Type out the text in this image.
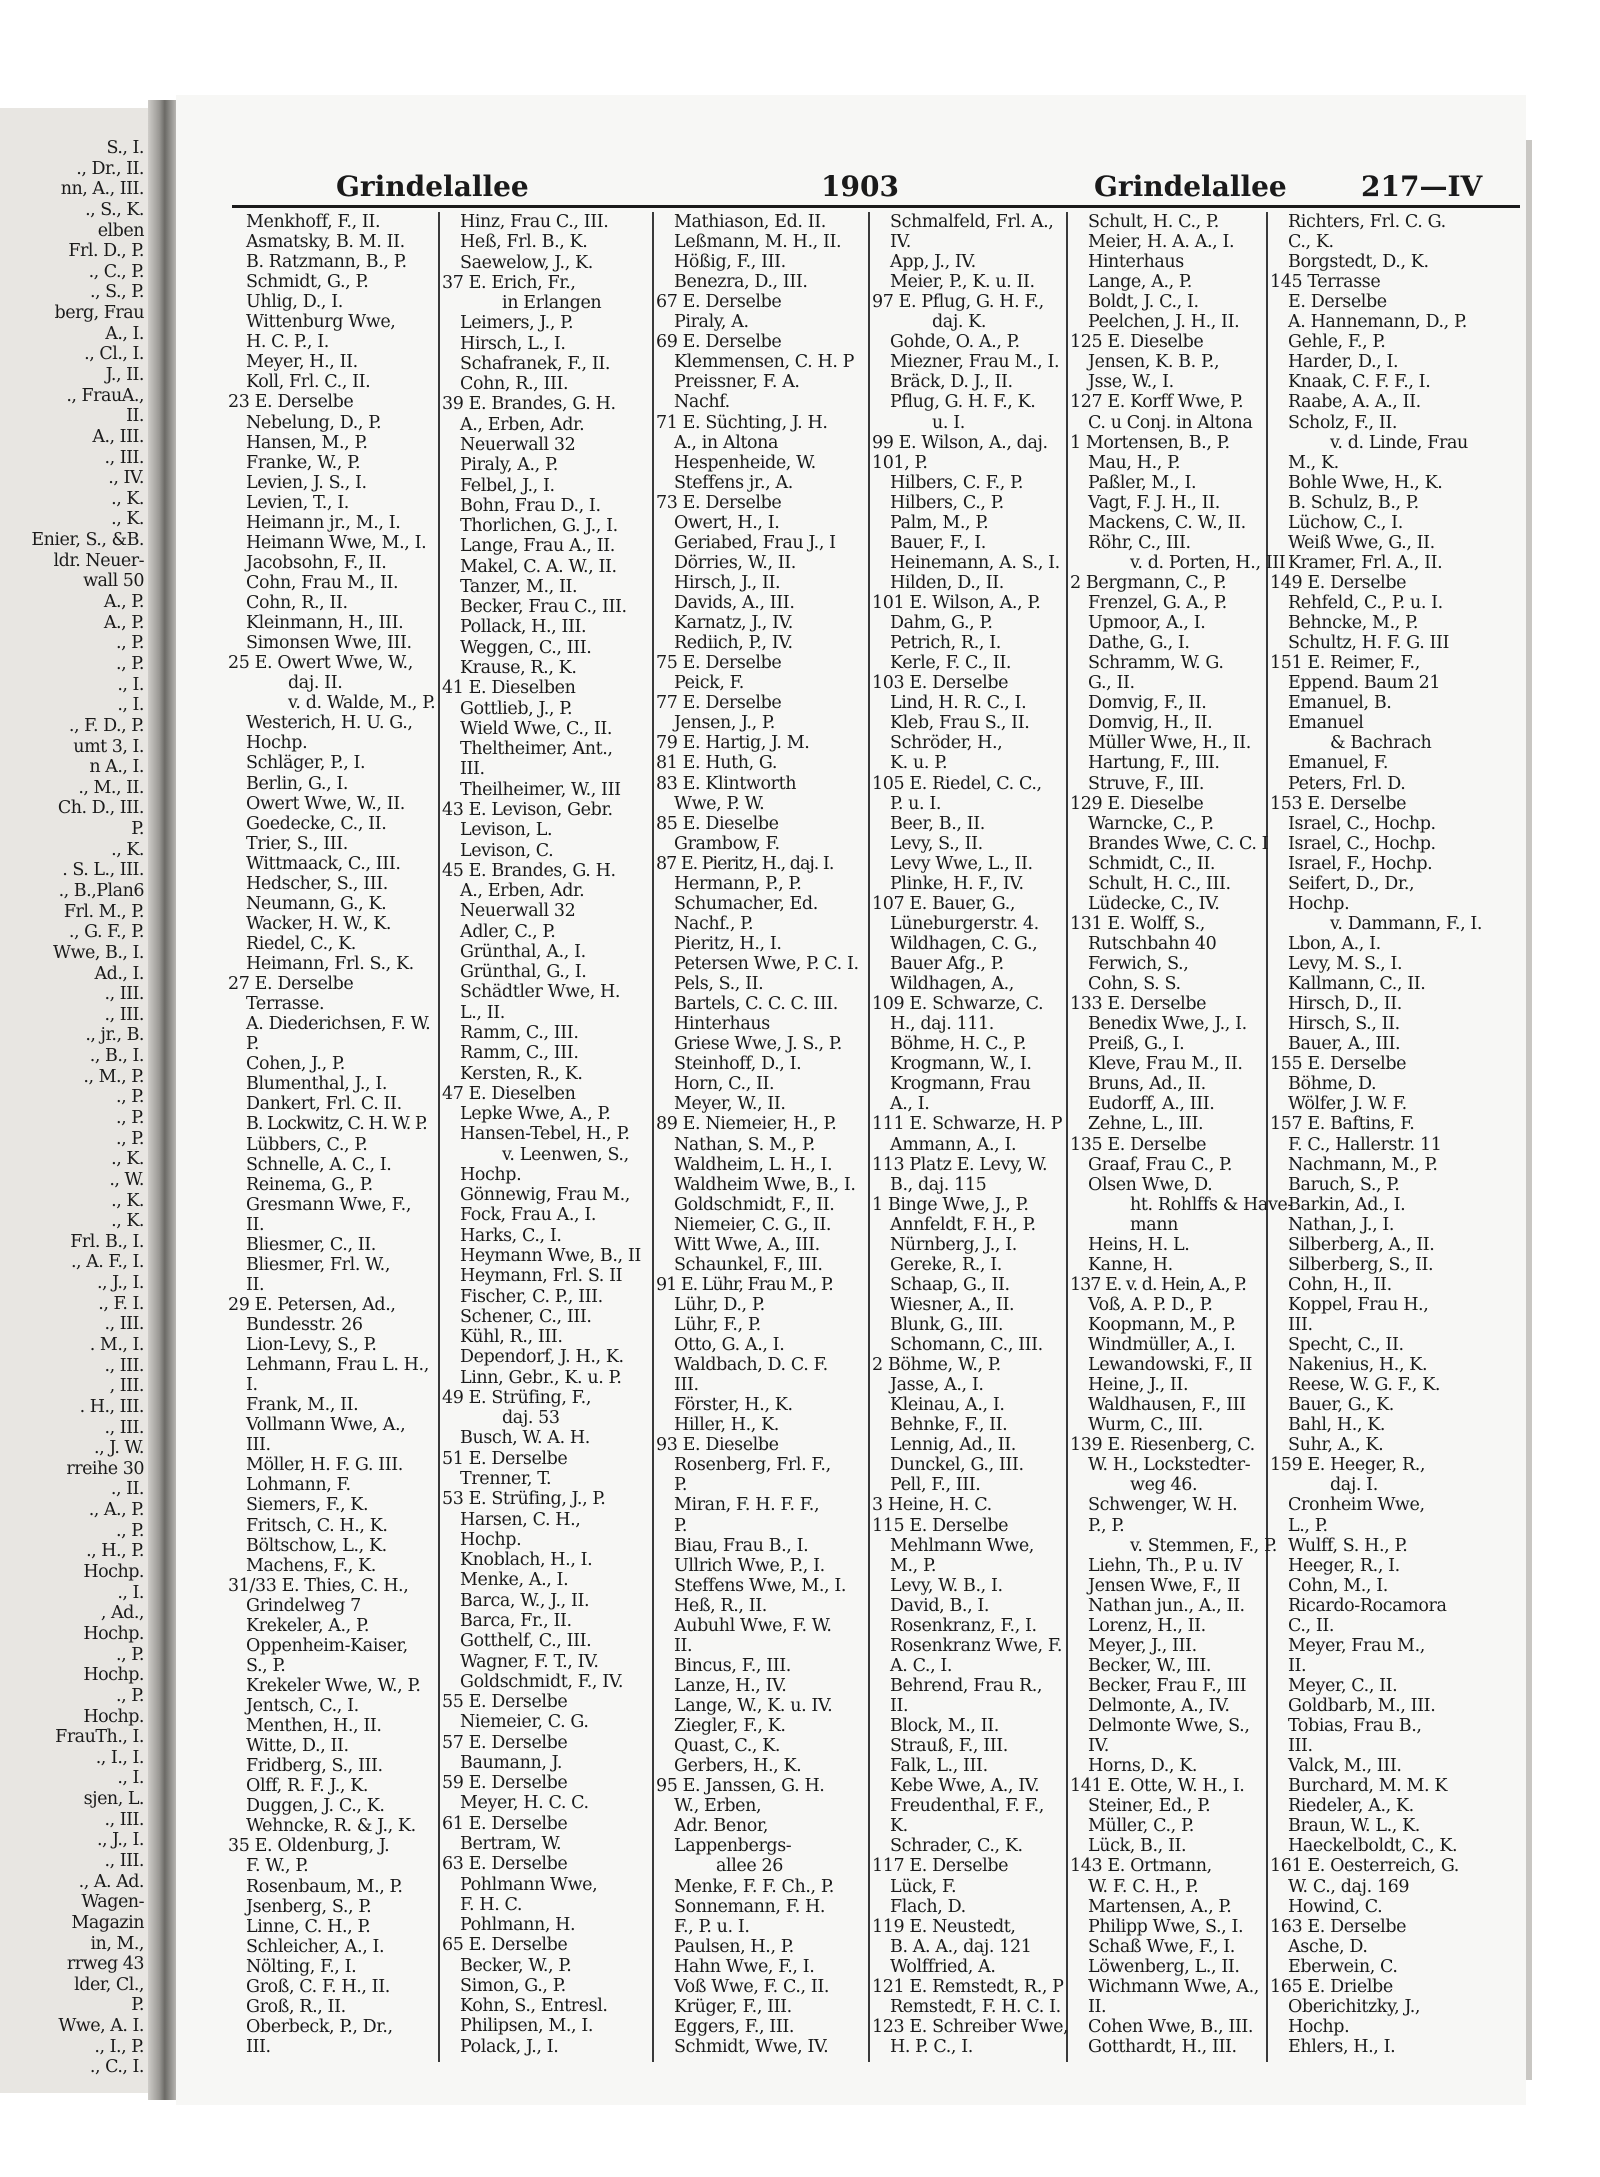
S., I.
., Dr., II.
nn, A., III.
., S., K.
elben
Frl. D., P.
., C., P.
., S., P.
berg, Frau
A., I.
., Cl., I.
J., II.
., FrauA.,
II.
A., III.
., III.
., IV.
., K.
., K.
Enier, S., &B.
ldr. Neuer-
wall 50
A., P.
A., P.
., P.
., P.
., I.
., I.
., F. D., P.
umt 3, I.
n A., I.
., M., II.
Ch. D., III.
P.
., K.
. S. L., III.
., B.,Plan6
Frl. M., P.
., G. F., P.
Wwe, B., I.
Ad., I.
., III.
., III.
., jr., B.
., B., I.
., M., P.
., P.
., P.
., P.
., K.
., W.
., K.
., K.
Frl. B., I.
., A. F., I.
., J., I.
., F. I.
., III.
. M., I.
., III.
, III.
. H., III.
., III.
., J. W.
rreihe 30
., II.
., A., P.
., P.
., H., P.
Hochp.
., I.
, Ad.,
Hochp.
., P.
Hochp.
., P.
Hochp.
FrauTh., I.
., I., I.
., I.
sjen, L.
., III.
., J., I.
., III.
., A. Ad.
Wagen-
Magazin
in, M.,
rrweg 43
lder, Cl.,
P.
Wwe, A. I.
., I., P.
., C., I.
Grindelallee	1903	Grindelallee	217—IV
Menkhoff, F., II.
Asmatsky, B. M. II.
B. Ratzmann, B., P.
Schmidt, G., P.
Uhlig, D., I.
Wittenburg Wwe,
H. C. P., I.
Meyer, H., II.
Koll, Frl. C., II.
23 E. Derselbe
Nebelung, D., P.
Hansen, M., P.
Franke, W., P.
Levien, J. S., I.
Levien, T., I.
Heimann jr., M., I.
Heimann Wwe, M., I.
Jacobsohn, F., II.
Cohn, Frau M., II.
Cohn, R., II.
Kleinmann, H., III.
Simonsen Wwe, III.
25 E. Owert Wwe, W.,
daj. II.
v. d. Walde, M., P.
Westerich, H. U. G.,
Hochp.
Schläger, P., I.
Berlin, G., I.
Owert Wwe, W., II.
Goedecke, C., II.
Trier, S., III.
Wittmaack, C., III.
Hedscher, S., III.
Neumann, G., K.
Wacker, H. W., K.
Riedel, C., K.
Heimann, Frl. S., K.
27 E. Derselbe
Terrasse.
A. Diederichsen, F. W.
P.
Cohen, J., P.
Blumenthal, J., I.
Dankert, Frl. C. II.
B. Lockwitz, C. H. W. P.
Lübbers, C., P.
Schnelle, A. C., I.
Reinema, G., P.
Gresmann Wwe, F.,
II.
Bliesmer, C., II.
Bliesmer, Frl. W.,
II.
29 E. Petersen, Ad.,
Bundesstr. 26
Lion-Levy, S., P.
Lehmann, Frau L. H.,
I.
Frank, M., II.
Vollmann Wwe, A.,
III.
Möller, H. F. G. III.
Lohmann, F.
Siemers, F., K.
Fritsch, C. H., K.
Böltschow, L., K.
Machens, F., K.
31/33 E. Thies, C. H.,
Grindelweg 7
Krekeler, A., P.
Oppenheim-Kaiser,
S., P.
Krekeler Wwe, W., P.
Jentsch, C., I.
Menthen, H., II.
Witte, D., II.
Fridberg, S., III.
Olff, R. F. J., K.
Duggen, J. C., K.
Wehncke, R. & J., K.
35 E. Oldenburg, J.
F. W., P.
Rosenbaum, M., P.
Jsenberg, S., P.
Linne, C. H., P.
Schleicher, A., I.
Nölting, F., I.
Groß, C. F. H., II.
Groß, R., II.
Oberbeck, P., Dr.,
III.
Hinz, Frau C., III.
Heß, Frl. B., K.
Saewelow, J., K.
37 E. Erich, Fr.,
in Erlangen
Leimers, J., P.
Hirsch, L., I.
Schafranek, F., II.
Cohn, R., III.
39 E. Brandes, G. H.
A., Erben, Adr.
Neuerwall 32
Piraly, A., P.
Felbel, J., I.
Bohn, Frau D., I.
Thorlichen, G. J., I.
Lange, Frau A., II.
Makel, C. A. W., II.
Tanzer, M., II.
Becker, Frau C., III.
Pollack, H., III.
Weggen, C., III.
Krause, R., K.
41 E. Dieselben
Gottlieb, J., P.
Wield Wwe, C., II.
Theltheimer, Ant.,
III.
Theilheimer, W., III
43 E. Levison, Gebr.
Levison, L.
Levison, C.
45 E. Brandes, G. H.
A., Erben, Adr.
Neuerwall 32
Adler, C., P.
Grünthal, A., I.
Grünthal, G., I.
Schädtler Wwe, H.
L., II.
Ramm, C., III.
Ramm, C., III.
Kersten, R., K.
47 E. Dieselben
Lepke Wwe, A., P.
Hansen-Tebel, H., P.
v. Leenwen, S.,
Hochp.
Gönnewig, Frau M.,
Fock, Frau A., I.
Harks, C., I.
Heymann Wwe, B., II
Heymann, Frl. S. II
Fischer, C. P., III.
Schener, C., III.
Kühl, R., III.
Dependorf, J. H., K.
Linn, Gebr., K. u. P.
49 E. Strüfing, F.,
daj. 53
Busch, W. A. H.
51 E. Derselbe
Trenner, T.
53 E. Strüfing, J., P.
Harsen, C. H.,
Hochp.
Knoblach, H., I.
Menke, A., I.
Barca, W., J., II.
Barca, Fr., II.
Gotthelf, C., III.
Wagner, F. T., IV.
Goldschmidt, F., IV.
55 E. Derselbe
Niemeier, C. G.
57 E. Derselbe
Baumann, J.
59 E. Derselbe
Meyer, H. C. C.
61 E. Derselbe
Bertram, W.
63 E. Derselbe
Pohlmann Wwe,
F. H. C.
Pohlmann, H.
65 E. Derselbe
Becker, W., P.
Simon, G., P.
Kohn, S., Entresl.
Philipsen, M., I.
Polack, J., I.
Mathiason, Ed. II.
Leßmann, M. H., II.
Hößig, F., III.
Benezra, D., III.
67 E. Derselbe
Piraly, A.
69 E. Derselbe
Klemmensen, C. H. P
Preissner, F. A.
Nachf.
71 E. Süchting, J. H.
A., in Altona
Hespenheide, W.
Steffens jr., A.
73 E. Derselbe
Owert, H., I.
Geriabed, Frau J., I
Dörries, W., II.
Hirsch, J., II.
Davids, A., III.
Karnatz, J., IV.
Rediich, P., IV.
75 E. Derselbe
Peick, F.
77 E. Derselbe
Jensen, J., P.
79 E. Hartig, J. M.
81 E. Huth, G.
83 E. Klintworth
Wwe, P. W.
85 E. Dieselbe
Grambow, F.
87 E. Pieritz, H., daj. I.
Hermann, P., P.
Schumacher, Ed.
Nachf., P.
Pieritz, H., I.
Petersen Wwe, P. C. I.
Pels, S., II.
Bartels, C. C. C. III.
Hinterhaus
Griese Wwe, J. S., P.
Steinhoff, D., I.
Horn, C., II.
Meyer, W., II.
89 E. Niemeier, H., P.
Nathan, S. M., P.
Waldheim, L. H., I.
Waldheim Wwe, B., I.
Goldschmidt, F., II.
Niemeier, C. G., II.
Witt Wwe, A., III.
Schaunkel, F., III.
91 E. Lühr, Frau M., P.
Lühr, D., P.
Lühr, F., P.
Otto, G. A., I.
Waldbach, D. C. F.
III.
Förster, H., K.
Hiller, H., K.
93 E. Dieselbe
Rosenberg, Frl. F.,
P.
Miran, F. H. F. F.,
P.
Biau, Frau B., I.
Ullrich Wwe, P., I.
Steffens Wwe, M., I.
Heß, R., II.
Aubuhl Wwe, F. W.
II.
Bincus, F., III.
Lanze, H., IV.
Lange, W., K. u. IV.
Ziegler, F., K.
Quast, C., K.
Gerbers, H., K.
95 E. Janssen, G. H.
W., Erben,
Adr. Benor,
Lappenbergs-
allee 26
Menke, F. F. Ch., P.
Sonnemann, F. H.
F., P. u. I.
Paulsen, H., P.
Hahn Wwe, F., I.
Voß Wwe, F. C., II.
Krüger, F., III.
Eggers, F., III.
Schmidt, Wwe, IV.
Schmalfeld, Frl. A.,
IV.
App, J., IV.
Meier, P., K. u. II.
97 E. Pflug, G. H. F.,
daj. K.
Gohde, O. A., P.
Miezner, Frau M., I.
Bräck, D. J., II.
Pflug, G. H. F., K.
u. I.
99 E. Wilson, A., daj.
101, P.
Hilbers, C. F., P.
Hilbers, C., P.
Palm, M., P.
Bauer, F., I.
Heinemann, A. S., I.
Hilden, D., II.
101 E. Wilson, A., P.
Dahm, G., P.
Petrich, R., I.
Kerle, F. C., II.
103 E. Derselbe
Lind, H. R. C., I.
Kleb, Frau S., II.
Schröder, H.,
K. u. P.
105 E. Riedel, C. C.,
P. u. I.
Beer, B., II.
Levy, S., II.
Levy Wwe, L., II.
Plinke, H. F., IV.
107 E. Bauer, G.,
Lüneburgerstr. 4.
Wildhagen, C. G.,
Bauer Afg., P.
Wildhagen, A.,
109 E. Schwarze, C.
H., daj. 111.
Böhme, H. C., P.
Krogmann, W., I.
Krogmann, Frau
A., I.
111 E. Schwarze, H. P
Ammann, A., I.
113 Platz E. Levy, W.
B., daj. 115
1 Binge Wwe, J., P.
Annfeldt, F. H., P.
Nürnberg, J., I.
Gereke, R., I.
Schaap, G., II.
Wiesner, A., II.
Blunk, G., III.
Schomann, C., III.
2 Böhme, W., P.
Jasse, A., I.
Kleinau, A., I.
Behnke, F., II.
Lennig, Ad., II.
Dunckel, G., III.
Pell, F., III.
3 Heine, H. C.
115 E. Derselbe
Mehlmann Wwe,
M., P.
Levy, W. B., I.
David, B., I.
Rosenkranz, F., I.
Rosenkranz Wwe, F.
A. C., I.
Behrend, Frau R.,
II.
Block, M., II.
Strauß, F., III.
Falk, L., III.
Kebe Wwe, A., IV.
Freudenthal, F. F.,
K.
Schrader, C., K.
117 E. Derselbe
Lück, F.
Flach, D.
119 E. Neustedt,
B. A. A., daj. 121
Wolffried, A.
121 E. Remstedt, R., P
Remstedt, F. H. C. I.
123 E. Schreiber Wwe,
H. P. C., I.
Schult, H. C., P.
Meier, H. A. A., I.
Hinterhaus
Lange, A., P.
Boldt, J. C., I.
Peelchen, J. H., II.
125 E. Dieselbe
Jensen, K. B. P.,
Jsse, W., I.
127 E. Korff Wwe, P.
C. u Conj. in Altona
1 Mortensen, B., P.
Mau, H., P.
Paßler, M., I.
Vagt, F. J. H., II.
Mackens, C. W., II.
Röhr, C., III.
v. d. Porten, H., III
2 Bergmann, C., P.
Frenzel, G. A., P.
Upmoor, A., I.
Dathe, G., I.
Schramm, W. G.
G., II.
Domvig, F., II.
Domvig, H., II.
Müller Wwe, H., II.
Hartung, F., III.
Struve, F., III.
129 E. Dieselbe
Warncke, C., P.
Brandes Wwe, C. C. I
Schmidt, C., II.
Schult, H. C., III.
Lüdecke, C., IV.
131 E. Wolff, S.,
Rutschbahn 40
Ferwich, S.,
Cohn, S. S.
133 E. Derselbe
Benedix Wwe, J., I.
Preiß, G., I.
Kleve, Frau M., II.
Bruns, Ad., II.
Eudorff, A., III.
Zehne, L., III.
135 E. Derselbe
Graaf, Frau C., P.
Olsen Wwe, D.
ht. Rohlffs & Have-
mann
Heins, H. L.
Kanne, H.
137 E. v. d. Hein, A., P.
Voß, A. P. D., P.
Koopmann, M., P.
Windmüller, A., I.
Lewandowski, F., II
Heine, J., II.
Waldhausen, F., III
Wurm, C., III.
139 E. Riesenberg, C.
W. H., Lockstedter-
weg 46.
Schwenger, W. H.
P., P.
v. Stemmen, F., P.
Liehn, Th., P. u. IV
Jensen Wwe, F., II
Nathan jun., A., II.
Lorenz, H., II.
Meyer, J., III.
Becker, W., III.
Becker, Frau F., III
Delmonte, A., IV.
Delmonte Wwe, S.,
IV.
Horns, D., K.
141 E. Otte, W. H., I.
Steiner, Ed., P.
Müller, C., P.
Lück, B., II.
143 E. Ortmann,
W. F. C. H., P.
Martensen, A., P.
Philipp Wwe, S., I.
Schaß Wwe, F., I.
Löwenberg, L., II.
Wichmann Wwe, A.,
II.
Cohen Wwe, B., III.
Gotthardt, H., III.
Richters, Frl. C. G.
C., K.
Borgstedt, D., K.
145 Terrasse
E. Derselbe
A. Hannemann, D., P.
Gehle, F., P.
Harder, D., I.
Knaak, C. F. F., I.
Raabe, A. A., II.
Scholz, F., II.
v. d. Linde, Frau
M., K.
Bohle Wwe, H., K.
B. Schulz, B., P.
Lüchow, C., I.
Weiß Wwe, G., II.
Kramer, Frl. A., II.
149 E. Derselbe
Rehfeld, C., P. u. I.
Behncke, M., P.
Schultz, H. F. G. III
151 E. Reimer, F.,
Eppend. Baum 21
Emanuel, B.
Emanuel
& Bachrach
Emanuel, F.
Peters, Frl. D.
153 E. Derselbe
Israel, C., Hochp.
Israel, C., Hochp.
Israel, F., Hochp.
Seifert, D., Dr.,
Hochp.
v. Dammann, F., I.
Lbon, A., I.
Levy, M. S., I.
Kallmann, C., II.
Hirsch, D., II.
Hirsch, S., II.
Bauer, A., III.
155 E. Derselbe
Böhme, D.
Wölfer, J. W. F.
157 E. Baftins, F.
F. C., Hallerstr. 11
Nachmann, M., P.
Baruch, S., P.
Barkin, Ad., I.
Nathan, J., I.
Silberberg, A., II.
Silberberg, S., II.
Cohn, H., II.
Koppel, Frau H.,
III.
Specht, C., II.
Nakenius, H., K.
Reese, W. G. F., K.
Bauer, G., K.
Bahl, H., K.
Suhr, A., K.
159 E. Heeger, R.,
daj. I.
Cronheim Wwe,
L., P.
Wulff, S. H., P.
Heeger, R., I.
Cohn, M., I.
Ricardo-Rocamora
C., II.
Meyer, Frau M.,
II.
Meyer, C., II.
Goldbarb, M., III.
Tobias, Frau B.,
III.
Valck, M., III.
Burchard, M. M. K
Riedeler, A., K.
Braun, W. L., K.
Haeckelboldt, C., K.
161 E. Oesterreich, G.
W. C., daj. 169
Howind, C.
163 E. Derselbe
Asche, D.
Eberwein, C.
165 E. Drielbe
Oberichitzky, J.,
Hochp.
Ehlers, H., I.
